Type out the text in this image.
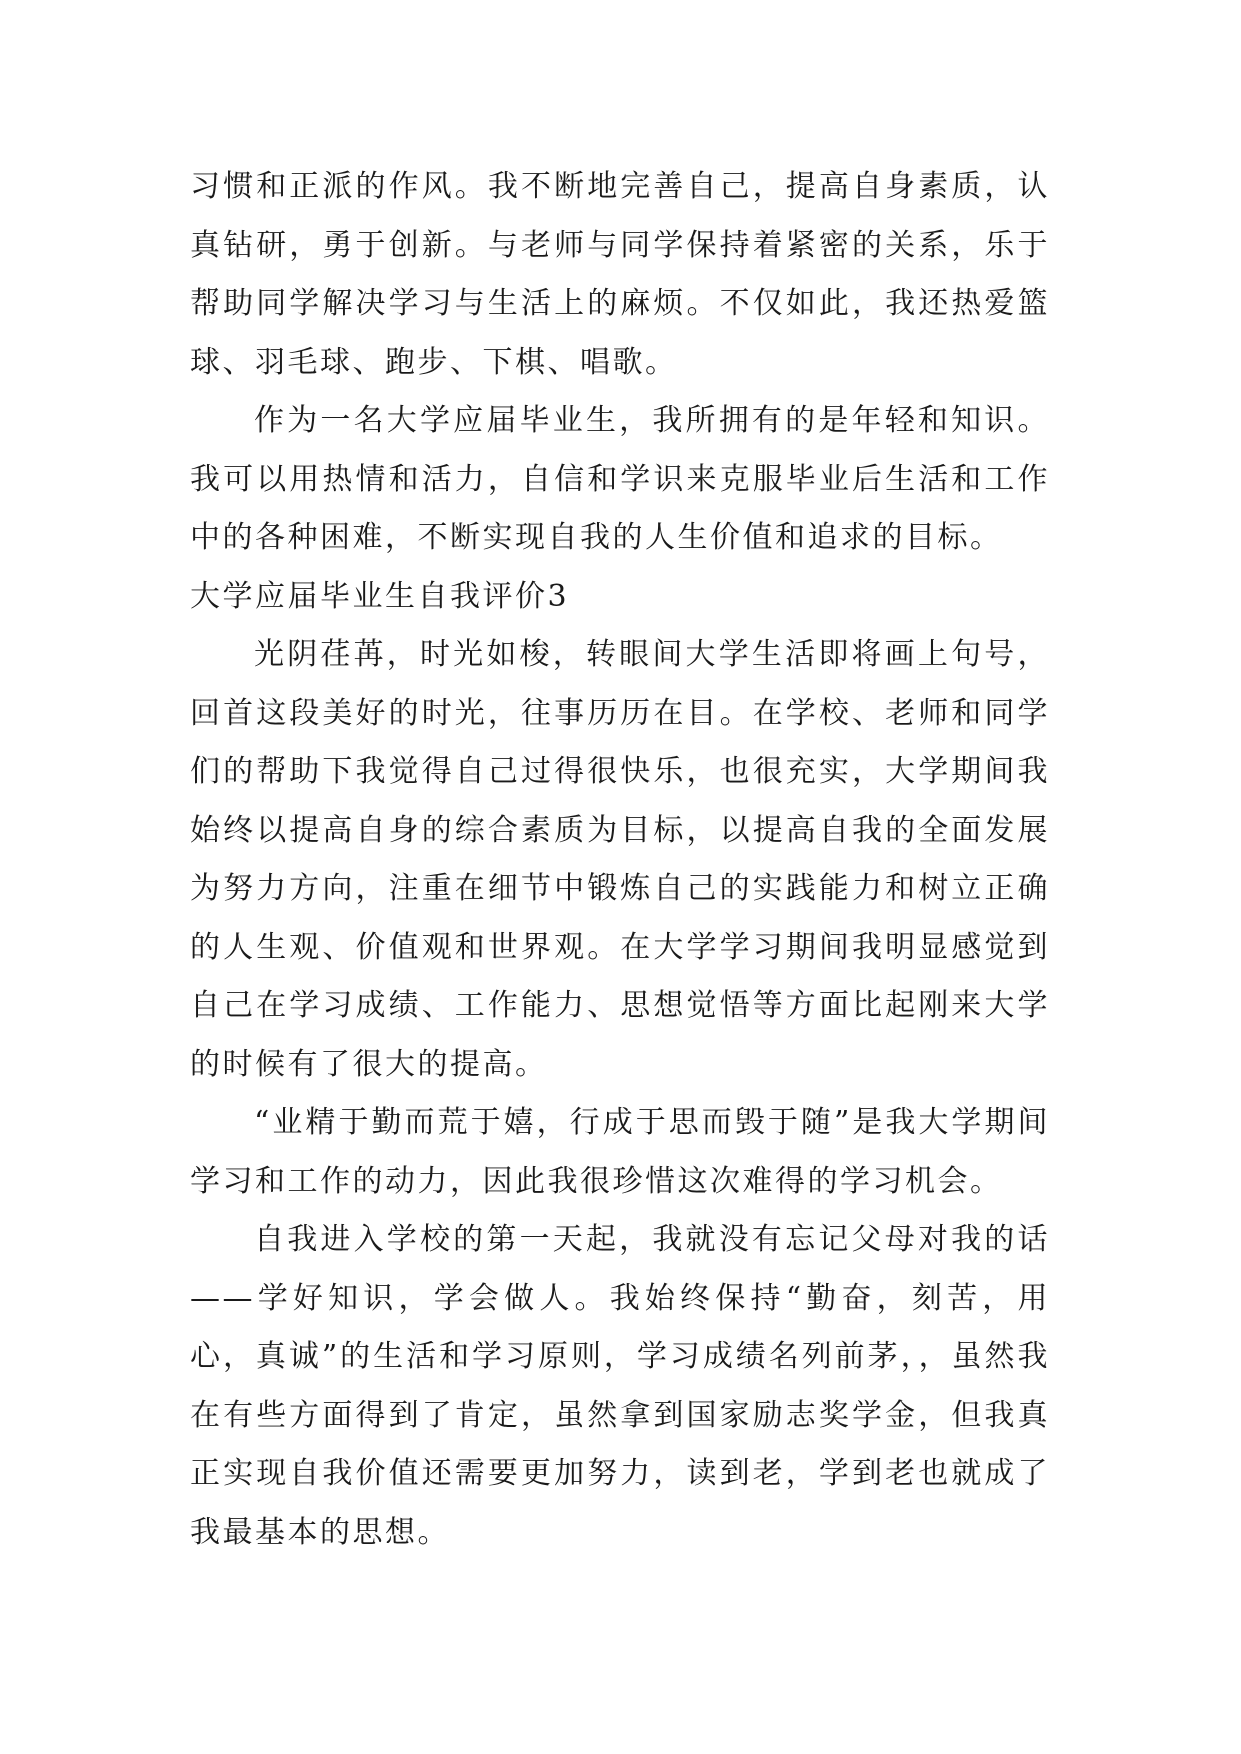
习惯和正派的作风。我不断地完善自己，提高自身素质，认真钻研，勇于创新。与老师与同学保持着紧密的关系，乐于帮助同学解决学习与生活上的麻烦。不仅如此，我还热爱篮球、羽毛球、跑步、下棋、唱歌。

作为一名大学应届毕业生，我所拥有的是年轻和知识。我可以用热情和活力，自信和学识来克服毕业后生活和工作中的各种困难，不断实现自我的人生价值和追求的目标。

大学应届毕业生自我评价3

光阴荏苒，时光如梭，转眼间大学生活即将画上句号，回首这段美好的时光，往事历历在目。在学校、老师和同学们的帮助下我觉得自己过得很快乐，也很充实，大学期间我始终以提高自身的综合素质为目标，以提高自我的全面发展为努力方向，注重在细节中锻炼自己的实践能力和树立正确的人生观、价值观和世界观。在大学学习期间我明显感觉到自己在学习成绩、工作能力、思想觉悟等方面比起刚来大学的时候有了很大的提高。

“业精于勤而荒于嬉，行成于思而毁于随”是我大学期间学习和工作的动力，因此我很珍惜这次难得的学习机会。

自我进入学校的第一天起，我就没有忘记父母对我的话——学好知识，学会做人。我始终保持“勤奋，刻苦，用心，真诚”的生活和学习原则，学习成绩名列前茅，，虽然我在有些方面得到了肯定，虽然拿到国家励志奖学金，但我真正实现自我价值还需要更加努力，读到老，学到老也就成了我最基本的思想。
